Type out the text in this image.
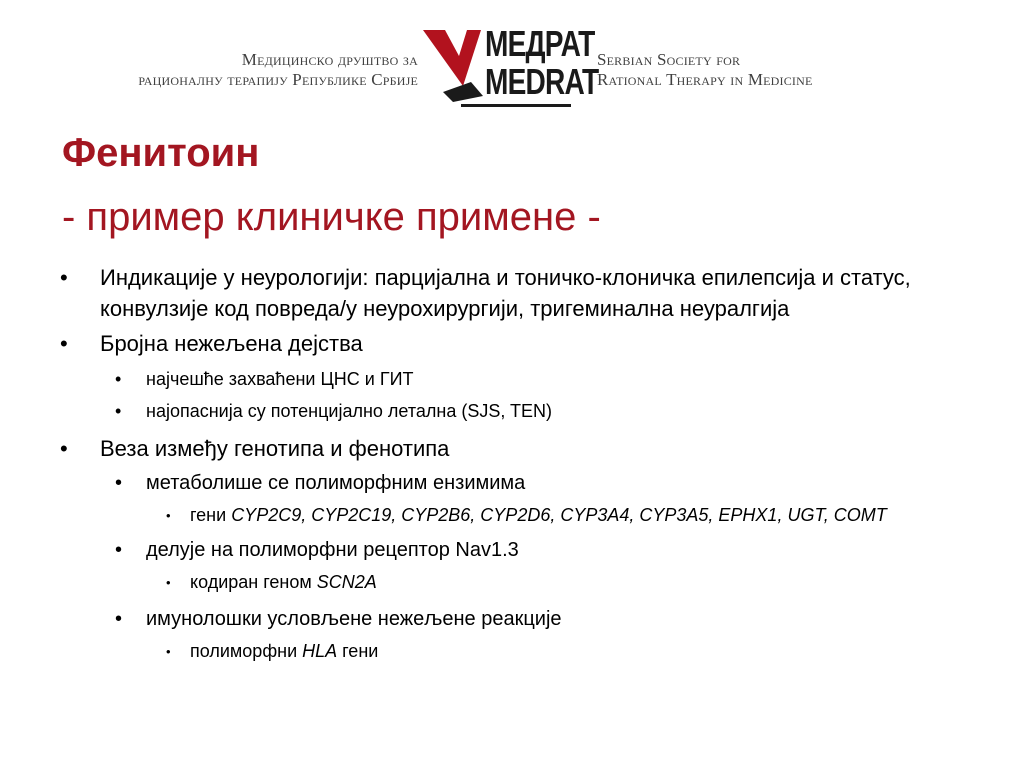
Медицинско друштво за
рационалну терапију Републике Србије
MEДPAT
MEDRAT
Serbian Society for
Rational Therapy in Medicine
Фенитоин
- пример клиничке примене -
• Индикације у неурологији: парцијална и тоничко-клоничка епилепсија и статус, конвулзије код повреда/у неурохирургији, тригеминална неуралгија
• Бројна нежељена дејства
• најчешће захваћени ЦНС и ГИТ
• најопаснија су потенцијално летална (SJS, TEN)
• Веза између генотипа и фенотипа
• метаболише се полиморфним ензимима
• гени CYP2C9, CYP2C19, CYP2B6, CYP2D6, CYP3A4, CYP3A5, EPHX1, UGT, COMT
• делује на полиморфни рецептор Nav1.3
• кодиран геном SCN2A
• имунолошки условљене нежељене реакције
• полиморфни HLA гени
